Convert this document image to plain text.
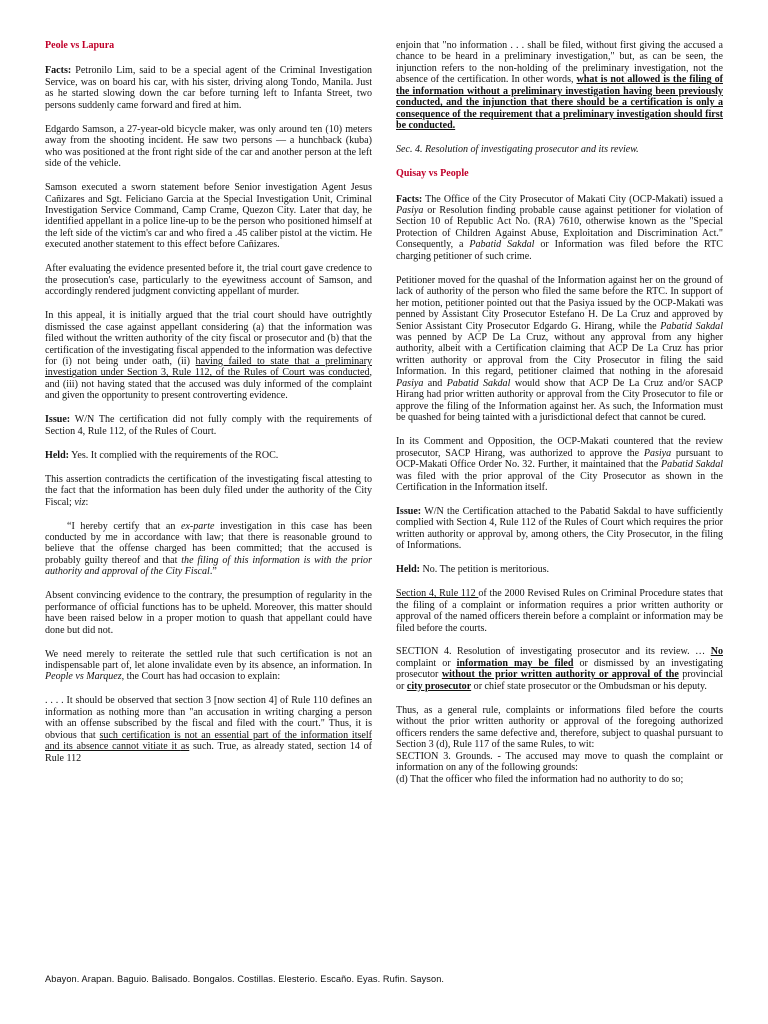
Peole vs Lapura

Facts: Petronilo Lim, said to be a special agent of the Criminal Investigation Service, was on board his car, with his sister, driving along Tondo, Manila. Just as he started slowing down the car before turning left to Infanta Street, two persons suddenly came forward and fired at him.

Edgardo Samson, a 27-year-old bicycle maker, was only around ten (10) meters away from the shooting incident. He saw two persons — a hunchback (kuba) who was positioned at the front right side of the car and another person at the left side of the vehicle.

Samson executed a sworn statement before Senior investigation Agent Jesus Cañizares and Sgt. Feliciano Garcia at the Special Investigation Unit, Criminal Investigation Service Command, Camp Crame, Quezon City. Later that day, he identified appellant in a police line-up to be the person who positioned himself at the left side of the victim's car and who fired a .45 caliber pistol at the victim. He executed another statement to this effect before Cañizares.

After evaluating the evidence presented before it, the trial court gave credence to the prosecution's case, particularly to the eyewitness account of Samson, and accordingly rendered judgment convicting appellant of murder.

In this appeal, it is initially argued that the trial court should have outrightly dismissed the case against appellant considering (a) that the information was filed without the written authority of the city fiscal or prosecutor and (b) that the certification of the investigating fiscal appended to the information was defective for (i) not being under oath, (ii) having failed to state that a preliminary investigation under Section 3, Rule 112, of the Rules of Court was conducted, and (iii) not having stated that the accused was duly informed of the complaint and given the opportunity to present controverting evidence.

Issue: W/N The certification did not fully comply with the requirements of Section 4, Rule 112, of the Rules of Court.

Held: Yes. It complied with the requirements of the ROC.

This assertion contradicts the certification of the investigating fiscal attesting to the fact that the information has been duly filed under the authority of the City Fiscal; viz:

“I hereby certify that an ex-parte investigation in this case has been conducted by me in accordance with law; that there is reasonable ground to believe that the offense charged has been committed; that the accused is probably guilty thereof and that the filing of this information is with the prior authority and approval of the City Fiscal.”

Absent convincing evidence to the contrary, the presumption of regularity in the performance of official functions has to be upheld. Moreover, this matter should have been raised below in a proper motion to quash that appellant could have done but did not.

We need merely to reiterate the settled rule that such certification is not an indispensable part of, let alone invalidate even by its absence, an information. In People vs Marquez, the Court has had occasion to explain:

. . . . It should be observed that section 3 [now section 4] of Rule 110 defines an information as nothing more than "an accusation in writing charging a person with an offense subscribed by the fiscal and filed with the court." Thus, it is obvious that such certification is not an essential part of the information itself and its absence cannot vitiate it as such. True, as already stated, section 14 of Rule 112

enjoin that "no information . . . shall be filed, without first giving the accused a chance to be heard in a preliminary investigation," but, as can be seen, the injunction refers to the non-holding of the preliminary investigation, not the absence of the certification. In other words, what is not allowed is the filing of the information without a preliminary investigation having been previously conducted, and the injunction that there should be a certification is only a consequence of the requirement that a preliminary investigation should first be conducted.

Sec. 4. Resolution of investigating prosecutor and its review.

Quisay vs People

Facts: The Office of the City Prosecutor of Makati City (OCP-Makati) issued a Pasiya or Resolution finding probable cause against petitioner for violation of Section 10 of Republic Act No. (RA) 7610, otherwise known as the "Special Protection of Children Against Abuse, Exploitation and Discrimination Act." Consequently, a Pabatid Sakdal or Information was filed before the RTC charging petitioner of such crime.

Petitioner moved for the quashal of the Information against her on the ground of lack of authority of the person who filed the same before the RTC. In support of her motion, petitioner pointed out that the Pasiya issued by the OCP-Makati was penned by Assistant City Prosecutor Estefano H. De La Cruz and approved by Senior Assistant City Prosecutor Edgardo G. Hirang, while the Pabatid Sakdal was penned by ACP De La Cruz, without any approval from any higher authority, albeit with a Certification claiming that ACP De La Cruz has prior written authority or approval from the City Prosecutor in filing the said Information. In this regard, petitioner claimed that nothing in the aforesaid Pasiya and Pabatid Sakdal would show that ACP De La Cruz and/or SACP Hirang had prior written authority or approval from the City Prosecutor to file or approve the filing of the Information against her. As such, the Information must be quashed for being tainted with a jurisdictional defect that cannot be cured.

In its Comment and Opposition, the OCP-Makati countered that the review prosecutor, SACP Hirang, was authorized to approve the Pasiya pursuant to OCP-Makati Office Order No. 32. Further, it maintained that the Pabatid Sakdal was filed with the prior approval of the City Prosecutor as shown in the Certification in the Information itself.

Issue: W/N the Certification attached to the Pabatid Sakdal to have sufficiently complied with Section 4, Rule 112 of the Rules of Court which requires the prior written authority or approval by, among others, the City Prosecutor, in the filing of Informations.

Held: No. The petition is meritorious.

Section 4, Rule 112 of the 2000 Revised Rules on Criminal Procedure states that the filing of a complaint or information requires a prior written authority or approval of the named officers therein before a complaint or information may be filed before the courts.

SECTION 4. Resolution of investigating prosecutor and its review. … No complaint or information may be filed or dismissed by an investigating prosecutor without the prior written authority or approval of the provincial or city prosecutor or chief state prosecutor or the Ombudsman or his deputy.

Thus, as a general rule, complaints or informations filed before the courts without the prior written authority or approval of the foregoing authorized officers renders the same defective and, therefore, subject to quashal pursuant to Section 3 (d), Rule 117 of the same Rules, to wit:

SECTION 3. Grounds. - The accused may move to quash the complaint or information on any of the following grounds:

(d) That the officer who filed the information had no authority to do so;

Abayon. Arapan. Baguio. Balisado. Bongalos. Costillas. Elesterio. Escaño. Eyas. Rufin. Sayson.
